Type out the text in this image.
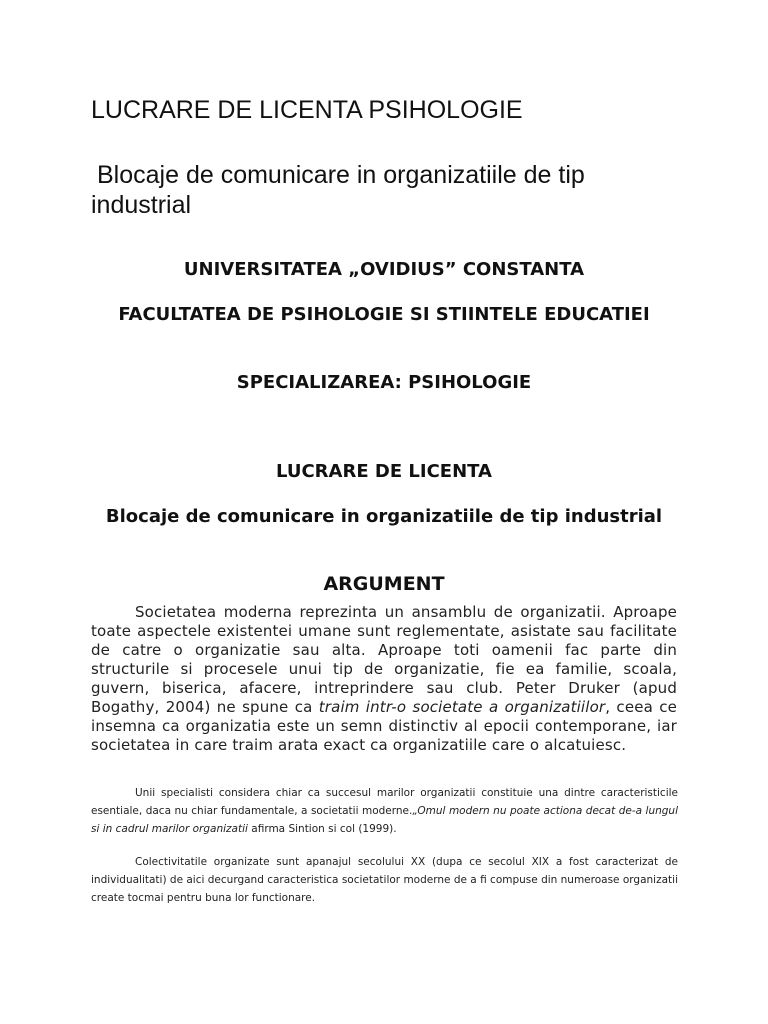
LUCRARE DE LICENTA PSIHOLOGIE
Blocaje de comunicare in organizatiile de tip industrial
UNIVERSITATEA „OVIDIUS” CONSTANTA
FACULTATEA DE PSIHOLOGIE SI STIINTELE EDUCATIEI
SPECIALIZAREA: PSIHOLOGIE
LUCRARE DE LICENTA
Blocaje de comunicare in organizatiile de tip industrial
ARGUMENT

Societatea moderna reprezinta un ansamblu de organizatii. Aproape toate aspectele existentei umane sunt reglementate, asistate sau facilitate de catre o organizatie sau alta. Aproape toti oamenii fac parte din structurile si procesele unui tip de organizatie, fie ea familie, scoala, guvern, biserica, afacere, intreprindere sau club. Peter Druker (apud Bogathy, 2004) ne spune ca traim intr-o societate a organizatiilor, ceea ce insemna ca organizatia este un semn distinctiv al epocii contemporane, iar societatea in care traim arata exact ca organizatiile care o alcatuiesc.

Unii specialisti considera chiar ca succesul marilor organizatii constituie una dintre caracteristicile esentiale, daca nu chiar fundamentale, a societatii moderne.„Omul modern nu poate actiona decat de-a lungul si in cadrul marilor organizatii afirma Sintion si col (1999).

Colectivitatile organizate sunt apanajul secolului XX (dupa ce secolul XIX a fost caracterizat de individualitati) de aici decurgand caracteristica societatilor moderne de a fi compuse din numeroase organizatii create tocmai pentru buna lor functionare.
